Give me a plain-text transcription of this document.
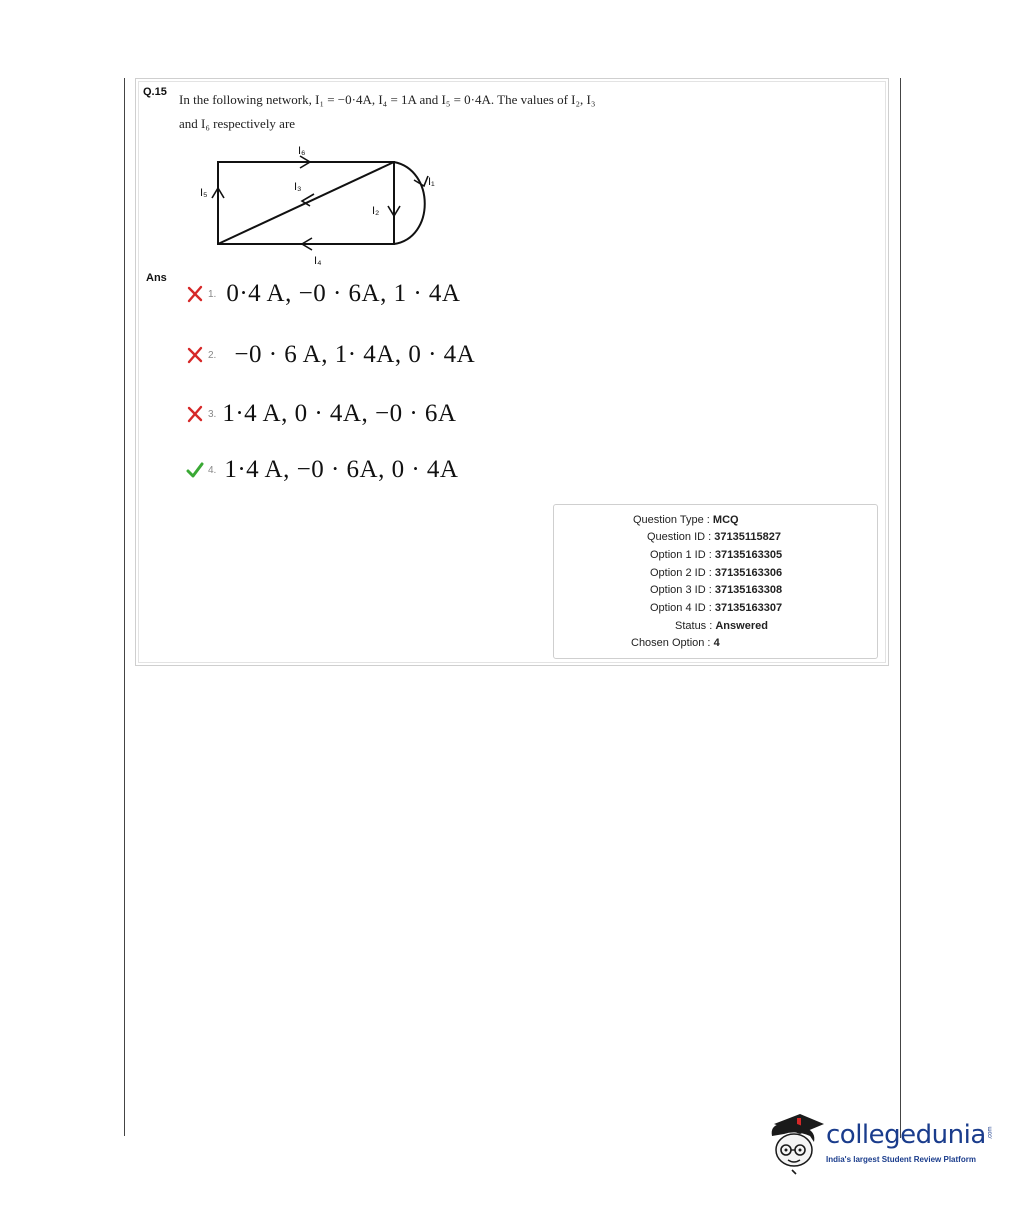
Q.15 In the following network, I₁ = −0·4A, I₄ = 1A and I₅ = 0·4A. The values of I₂, I₃
and I₆ respectively are
I₆
I₅	I₃
I₂
I₁
I₄
Ans
1. 0·4 A, −0 · 6A, 1 · 4A
2. −0 · 6 A, 1· 4A, 0 · 4A
3. 1·4 A, 0 · 4A, −0 · 6A
4. 1·4 A, −0 · 6A, 0 · 4A
Question Type : MCQ
Question ID : 37135115827
Option 1 ID : 37135163305
Option 2 ID : 37135163306
Option 3 ID : 37135163308
Option 4 ID : 37135163307
Status : Answered
Chosen Option : 4
collegedunia .com
India's largest Student Review Platform
